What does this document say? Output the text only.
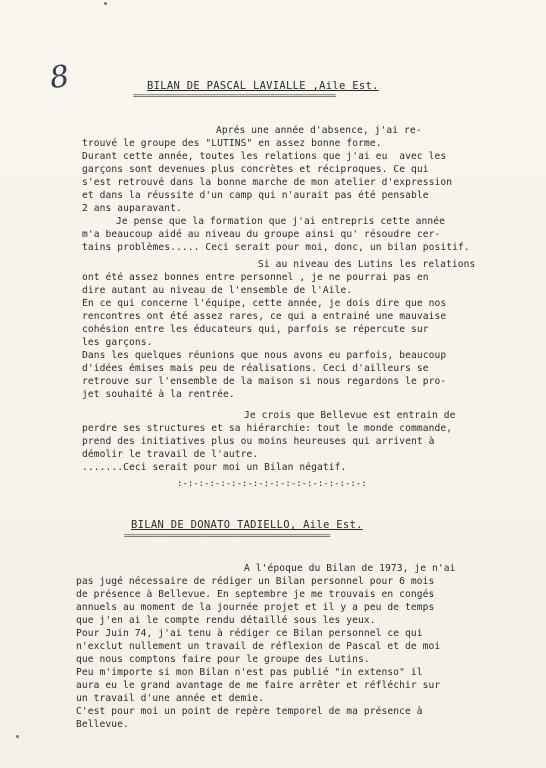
8	BILAN DE PASCAL LAVIALLE ,Aile Est.
========================================================
Aprés une année d'absence, j'ai re-
trouvé le groupe des "LUTINS" en assez bonne forme.
Durant cette année, toutes les relations que j'ai eu  avec les
garçons sont devenues plus concrètes et réciproques. Ce qui
s'est retrouvé dans la bonne marche de mon atelier d'expression
et dans la réussite d'un camp qui n'aurait pas été pensable
2 ans auparavant.
Je pense que la formation que j'ai entrepris cette année
m'a beaucoup aidé au niveau du groupe ainsi qu' résoudre cer-
tains problèmes..... Ceci serait pour moi, donc, un bilan positif.
Si au niveau des Lutins les relations
ont été assez bonnes entre personnel , je ne pourrai pas en
dire autant au niveau de l'ensemble de l'Aile.
En ce qui concerne l'équipe, cette année, je dois dire que nos
rencontres ont été assez rares, ce qui a entrainé une mauvaise
cohésion entre les éducateurs qui, parfois se répercute sur
les garçons.
Dans les quelques réunions que nous avons eu parfois, beaucoup
d'idées émises mais peu de réalisations. Ceci d'ailleurs se
retrouve sur l'ensemble de la maison si nous regardons le pro-
jet souhaité à la rentrée.
Je crois que Bellevue est entrain de
perdre ses structures et sa hiérarchie: tout le monde commande,
prend des initiatives plus ou moins heureuses qui arrivent à
démolir le travail de l'autre.
.......Ceci serait pour moi un Bilan négatif.
:-:-:-:-:-:-:-:-:-:-:-:-:-:-:-:-:-:
BILAN DE DONATO TADIELLO, Aile Est.
=========================================================
A l'époque du Bilan de 1973, je n'ai
pas jugé nécessaire de rédiger un Bilan personnel pour 6 mois
de présence à Bellevue. En septembre je me trouvais en congés
annuels au moment de la journée projet et il y a peu de temps
que j'en ai le compte rendu détaillé sous les yeux.
Pour Juin 74, j'ai tenu à rédiger ce Bilan personnel ce qui
n'exclut nullement un travail de réflexion de Pascal et de moi
que nous comptons faire pour le groupe des Lutins.
Peu m'importe si mon Bilan n'est pas publié "in extenso" il
aura eu le grand avantage de me faire arrêter et réfléchir sur
un travail d'une année et demie.
C'est pour moi un point de repère temporel de ma présence à
Bellevue.
